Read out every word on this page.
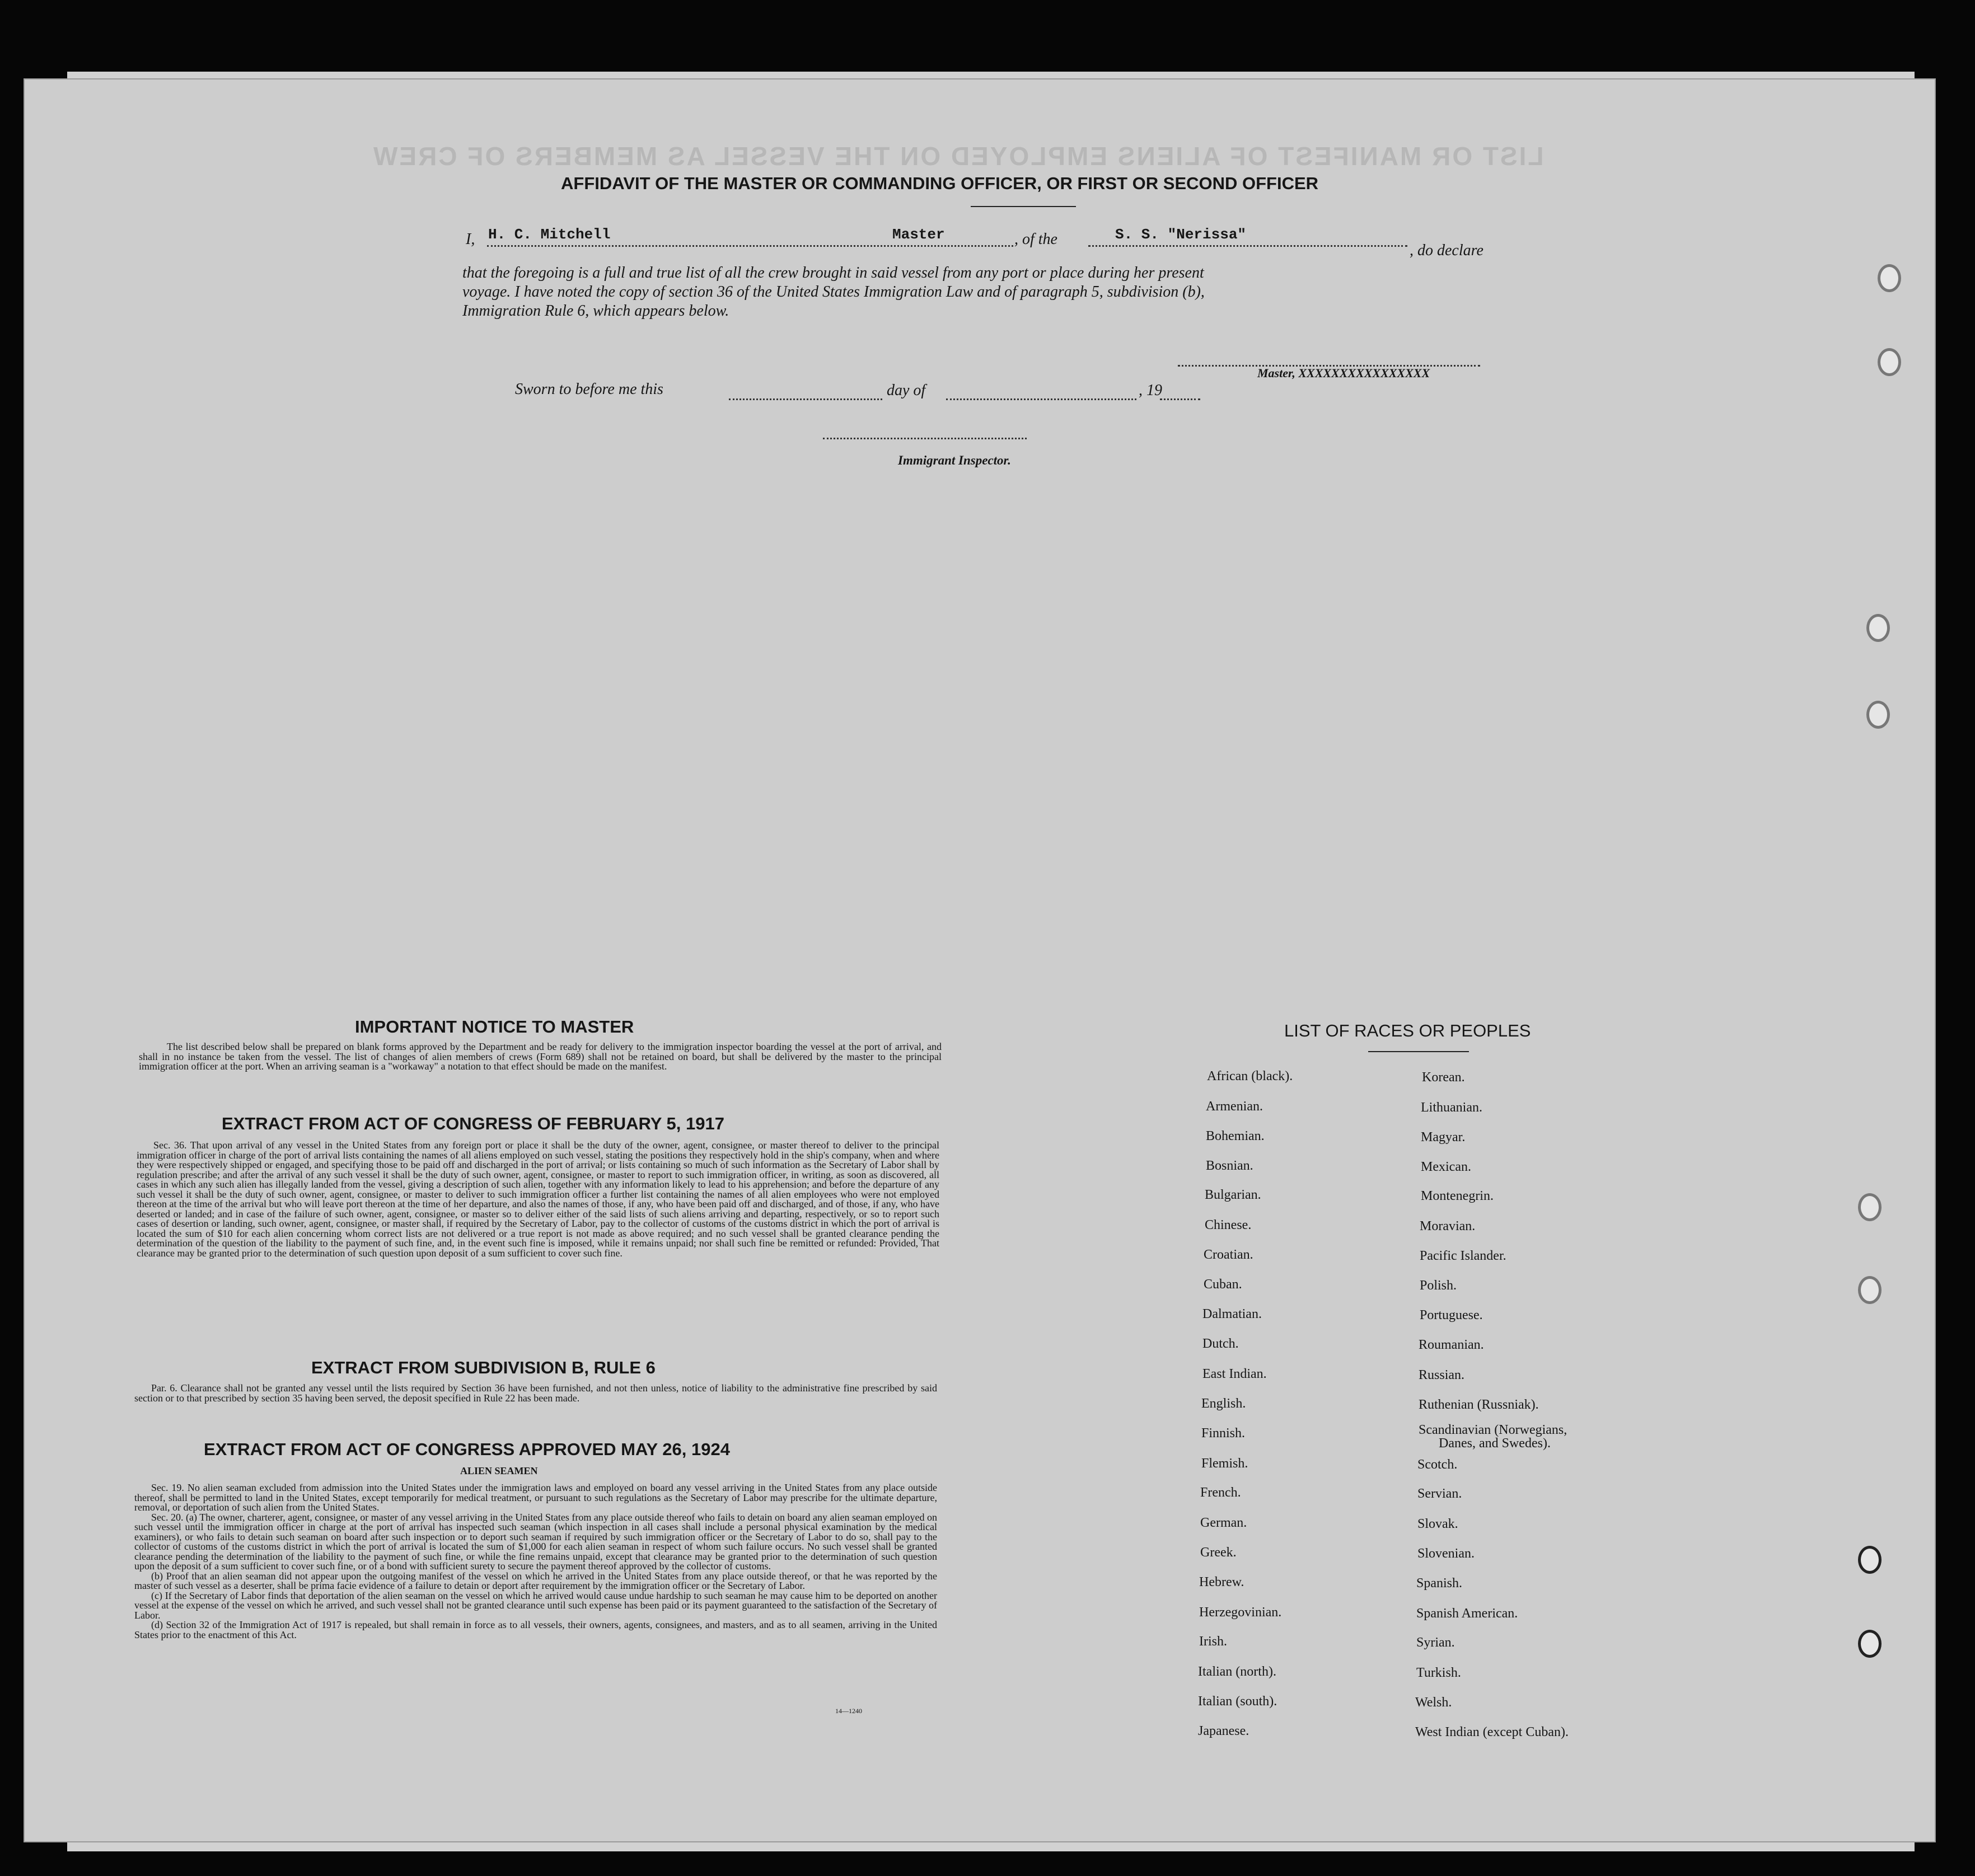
LIST OR MANIFEST OF ALIENS EMPLOYED ON THE VESSEL AS MEMBERS OF CREW
AFFIDAVIT OF THE MASTER OR COMMANDING OFFICER, OR FIRST OR SECOND OFFICER
I, H. C. Mitchell	Master	, of the	S. S. "Nerissa"
, do declare
that the foregoing is a full and true list of all the crew brought in said vessel from any port or place during her present
voyage. I have noted the copy of section 36 of the United States Immigration Law and of paragraph 5, subdivision (b),
Immigration Rule 6, which appears below.
Master, XXXXXXXXXXXXXXXX
Sworn to before me this	day of	, 19
Immigrant Inspector.
IMPORTANT NOTICE TO MASTER

The list described below shall be prepared on blank forms approved by the Department and be ready for delivery to the immigration inspector boarding the vessel at the port of arrival, and shall in no instance be taken from the vessel. The list of changes of alien members of crews (Form 689) shall not be retained on board, but shall be delivered by the master to the principal immigration officer at the port. When an arriving seaman is a "workaway" a notation to that effect should be made on the manifest.

EXTRACT FROM ACT OF CONGRESS OF FEBRUARY 5, 1917

Sec. 36. That upon arrival of any vessel in the United States from any foreign port or place it shall be the duty of the owner, agent, consignee, or master thereof to deliver to the principal immigration officer in charge of the port of arrival lists containing the names of all aliens employed on such vessel, stating the positions they respectively hold in the ship's company, when and where they were respectively shipped or engaged, and specifying those to be paid off and discharged in the port of arrival; or lists containing so much of such information as the Secretary of Labor shall by regulation prescribe; and after the arrival of any such vessel it shall be the duty of such owner, agent, consignee, or master to report to such immigration officer, in writing, as soon as discovered, all cases in which any such alien has illegally landed from the vessel, giving a description of such alien, together with any information likely to lead to his apprehension; and before the departure of any such vessel it shall be the duty of such owner, agent, consignee, or master to deliver to such immigration officer a further list containing the names of all alien employees who were not employed thereon at the time of the arrival but who will leave port thereon at the time of her departure, and also the names of those, if any, who have been paid off and discharged, and of those, if any, who have deserted or landed; and in case of the failure of such owner, agent, consignee, or master so to deliver either of the said lists of such aliens arriving and departing, respectively, or so to report such cases of desertion or landing, such owner, agent, consignee, or master shall, if required by the Secretary of Labor, pay to the collector of customs of the customs district in which the port of arrival is located the sum of $10 for each alien concerning whom correct lists are not delivered or a true report is not made as above required; and no such vessel shall be granted clearance pending the determination of the question of the liability to the payment of such fine, and, in the event such fine is imposed, while it remains unpaid; nor shall such fine be remitted or refunded: Provided, That clearance may be granted prior to the determination of such question upon deposit of a sum sufficient to cover such fine.

EXTRACT FROM SUBDIVISION B, RULE 6

Par. 6. Clearance shall not be granted any vessel until the lists required by Section 36 have been furnished, and not then unless, notice of liability to the administrative fine prescribed by said section or to that prescribed by section 35 having been served, the deposit specified in Rule 22 has been made.

EXTRACT FROM ACT OF CONGRESS APPROVED MAY 26, 1924
ALIEN SEAMEN

Sec. 19. No alien seaman excluded from admission into the United States under the immigration laws and employed on board any vessel arriving in the United States from any place outside thereof, shall be permitted to land in the United States, except temporarily for medical treatment, or pursuant to such regulations as the Secretary of Labor may prescribe for the ultimate departure, removal, or deportation of such alien from the United States.

Sec. 20. (a) The owner, charterer, agent, consignee, or master of any vessel arriving in the United States from any place outside thereof who fails to detain on board any alien seaman employed on such vessel until the immigration officer in charge at the port of arrival has inspected such seaman (which inspection in all cases shall include a personal physical examination by the medical examiners), or who fails to detain such seaman on board after such inspection or to deport such seaman if required by such immigration officer or the Secretary of Labor to do so, shall pay to the collector of customs of the customs district in which the port of arrival is located the sum of $1,000 for each alien seaman in respect of whom such failure occurs. No such vessel shall be granted clearance pending the determination of the liability to the payment of such fine, or while the fine remains unpaid, except that clearance may be granted prior to the determination of such question upon the deposit of a sum sufficient to cover such fine, or of a bond with sufficient surety to secure the payment thereof approved by the collector of customs.

(b) Proof that an alien seaman did not appear upon the outgoing manifest of the vessel on which he arrived in the United States from any place outside thereof, or that he was reported by the master of such vessel as a deserter, shall be prima facie evidence of a failure to detain or deport after requirement by the immigration officer or the Secretary of Labor.

(c) If the Secretary of Labor finds that deportation of the alien seaman on the vessel on which he arrived would cause undue hardship to such seaman he may cause him to be deported on another vessel at the expense of the vessel on which he arrived, and such vessel shall not be granted clearance until such expense has been paid or its payment guaranteed to the satisfaction of the Secretary of Labor.

(d) Section 32 of the Immigration Act of 1917 is repealed, but shall remain in force as to all vessels, their owners, agents, consignees, and masters, and as to all seamen, arriving in the United States prior to the enactment of this Act.

14—1240
LIST OF RACES OR PEOPLES
African (black).
Armenian.
Bohemian.
Bosnian.
Bulgarian.
Chinese.
Croatian.
Cuban.
Dalmatian.
Dutch.
East Indian.
English.
Finnish.
Flemish.
French.
German.
Greek.
Hebrew.
Herzegovinian.
Irish.
Italian (north).
Italian (south).
Japanese.
Korean.
Lithuanian.
Magyar.
Mexican.
Montenegrin.
Moravian.
Pacific Islander.
Polish.
Portuguese.
Roumanian.
Russian.
Ruthenian (Russniak).
Scandinavian (Norwegians,
Danes, and Swedes).
Scotch.
Servian.
Slovak.
Slovenian.
Spanish.
Spanish American.
Syrian.
Turkish.
Welsh.
West Indian (except Cuban).
